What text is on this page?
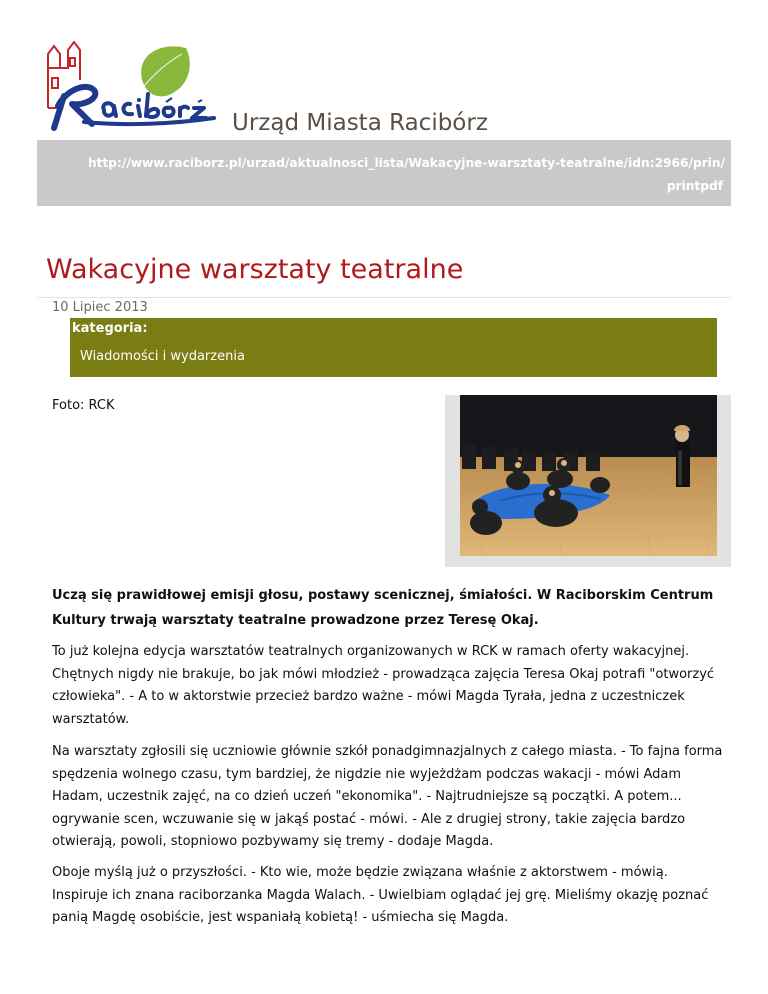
Urząd Miasta Racibórz
http://www.raciborz.pl/urzad/aktualnosci_lista/Wakacyjne-warsztaty-teatralne/idn:2966/prin/
printpdf
Wakacyjne warsztaty teatralne
10 Lipiec 2013
kategoria:
Wiadomości i wydarzenia
Foto: RCK

Uczą się prawidłowej emisji głosu, postawy scenicznej, śmiałości. W Raciborskim Centrum Kultury trwają warsztaty teatralne prowadzone przez Teresę Okaj.

To już kolejna edycja warsztatów teatralnych organizowanych w RCK w ramach oferty wakacyjnej. Chętnych nigdy nie brakuje, bo jak mówi młodzież - prowadząca zajęcia Teresa Okaj potrafi "otworzyć człowieka". - A to w aktorstwie przecież bardzo ważne - mówi Magda Tyrała, jedna z uczestniczek warsztatów.

Na warsztaty zgłosili się uczniowie głównie szkół ponadgimnazjalnych z całego miasta. - To fajna forma spędzenia wolnego czasu, tym bardziej, że nigdzie nie wyjeżdżam podczas wakacji - mówi Adam Hadam, uczestnik zajęć, na co dzień uczeń "ekonomika". - Najtrudniejsze są początki. A potem... ogrywanie scen, wczuwanie się w jakąś postać - mówi. - Ale z drugiej strony, takie zajęcia bardzo otwierają, powoli, stopniowo pozbywamy się tremy - dodaje Magda.

Oboje myślą już o przyszłości. - Kto wie, może będzie związana właśnie z aktorstwem - mówią. Inspiruje ich znana raciborzanka Magda Walach. - Uwielbiam oglądać jej grę. Mieliśmy okazję poznać panią Magdę osobiście, jest wspaniałą kobietą! - uśmiecha się Magda.
